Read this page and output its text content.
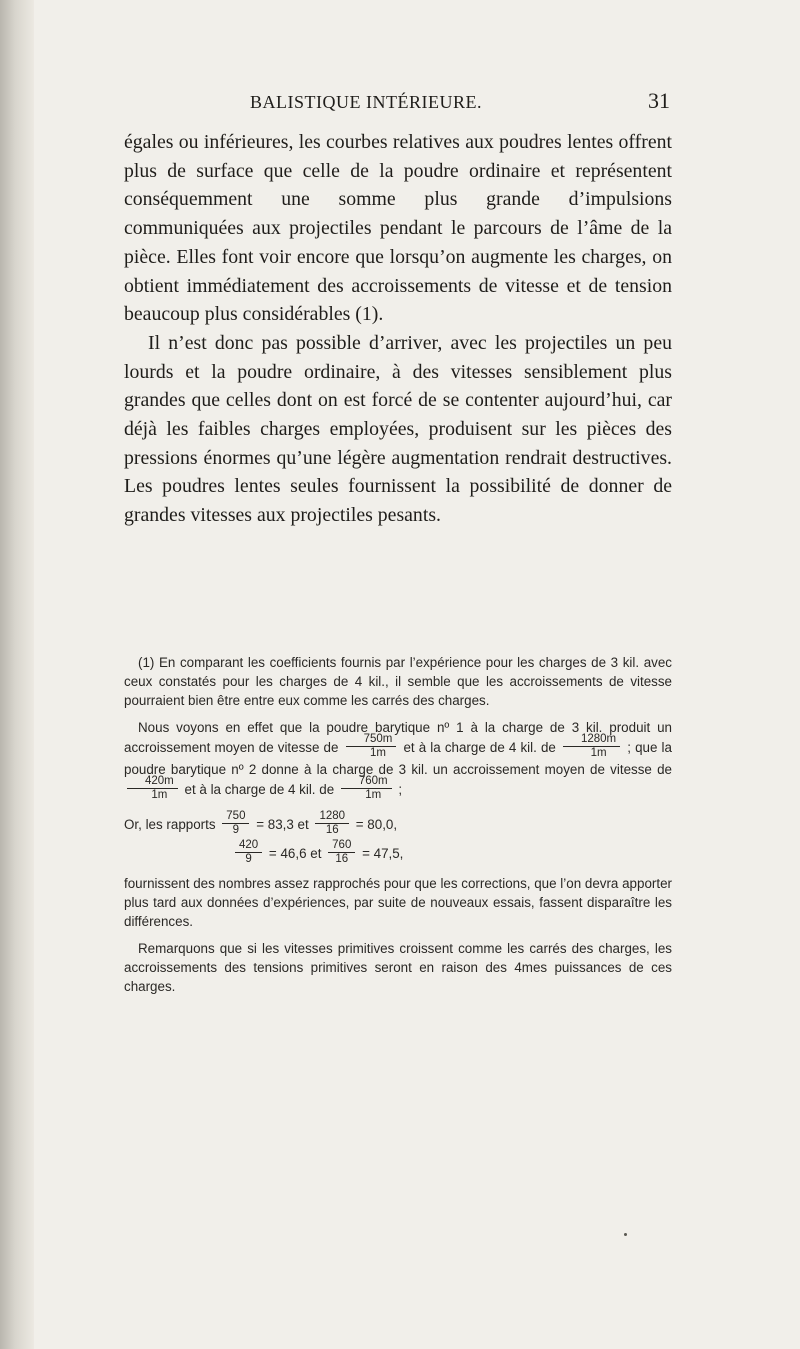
BALISTIQUE INTÉRIEURE.	31

égales ou inférieures, les courbes relatives aux poudres lentes offrent plus de surface que celle de la poudre ordinaire et représentent conséquemment une somme plus grande d’impulsions communiquées aux projectiles pendant le parcours de l’âme de la pièce. Elles font voir encore que lorsqu’on augmente les charges, on obtient immédiatement des accroissements de vitesse et de tension beaucoup plus considérables (1).

Il n’est donc pas possible d’arriver, avec les projectiles un peu lourds et la poudre ordinaire, à des vitesses sensiblement plus grandes que celles dont on est forcé de se contenter aujourd’hui, car déjà les faibles charges employées, produisent sur les pièces des pressions énormes qu’une légère augmentation rendrait destructives. Les poudres lentes seules fournissent la possibilité de donner de grandes vitesses aux projectiles pesants.

(1) En comparant les coefficients fournis par l’expérience pour les charges de 3 kil. avec ceux constatés pour les charges de 4 kil., il semble que les accroissements de vitesse pourraient bien être entre eux comme les carrés des charges.

Nous voyons en effet que la poudre barytique nº 1 à la charge de 3 kil. produit un accroissement moyen de vitesse de $\frac{750m}{1m}$ et à la charge de 4 kil. de $\frac{1280m}{1m}$ ; que la poudre barytique nº 2 donne à la charge de 3 kil. un accroissement moyen de vitesse de
$\frac{420m}{1m}$ et à la charge de 4 kil. de $\frac{760m}{1m}$ ;

Or, les rapports $\frac{750}{9} = 83,3$ et $\frac{1280}{16} = 80,0$,
$\frac{420}{9} = 46,6$ et $\frac{760}{16} = 47,5$,

fournissent des nombres assez rapprochés pour que les corrections, que l’on devra apporter plus tard aux données d’expériences, par suite de nouveaux essais, fassent disparaître les différences.

Remarquons que si les vitesses primitives croissent comme les carrés des charges, les accroissements des tensions primitives seront en raison des 4mes puissances de ces charges.
